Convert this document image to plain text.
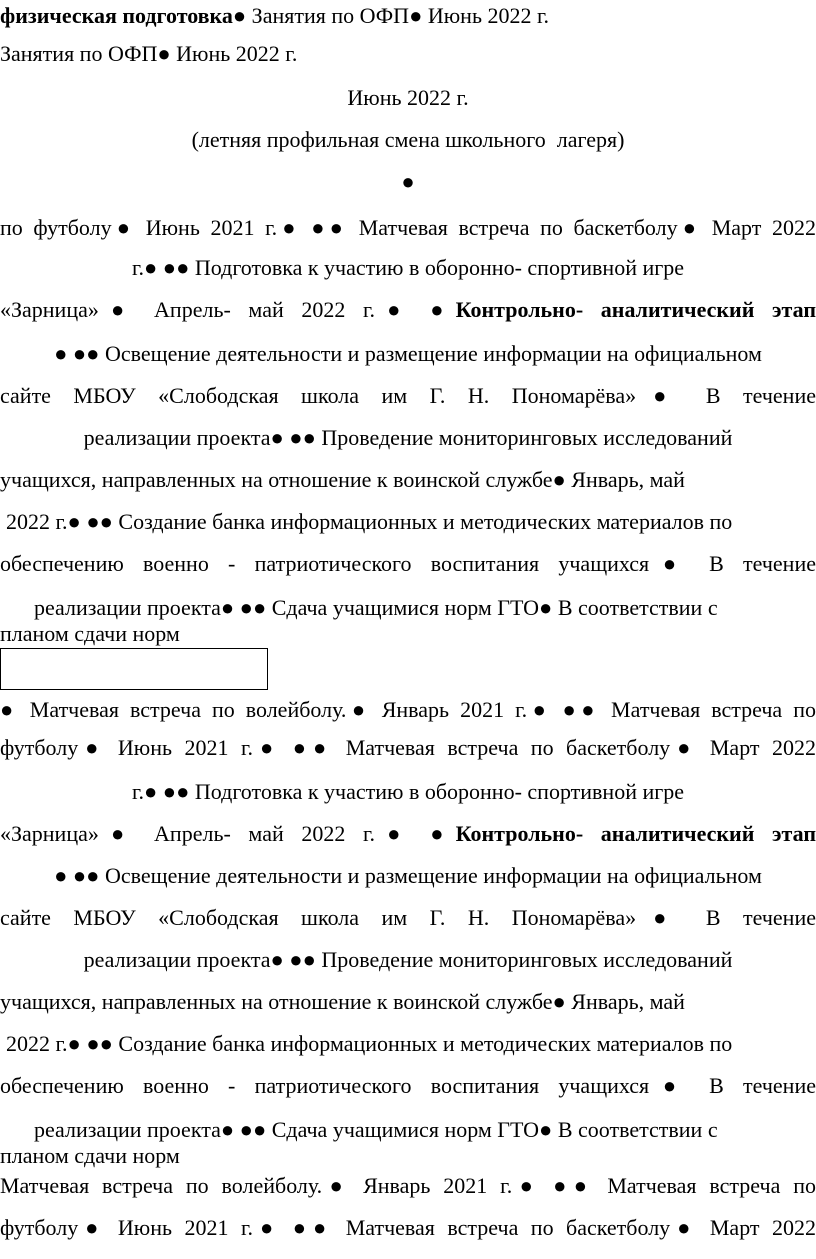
физическая подготовка● Занятия по ОФП● Июнь 2022 г.
Занятия по ОФП● Июнь 2022 г.
Июнь 2022 г.
(летняя профильная смена школьного  лагеря)
●
по футболу● Июнь 2021 г.● ●● Матчевая встреча по баскетболу● Март 2022
г.● ●● Подготовка к участию в оборонно- спортивной игре
«Зарница»● Апрель- май 2022 г.● ●Контрольно- аналитический этап
● ●● Освещение деятельности и размещение информации на официальном
сайте МБОУ «Слободская школа им Г. Н. Пономарёва»● В течение
реализации проекта● ●● Проведение мониторинговых исследований
учащихся, направленных на отношение к воинской службе● Январь, май
2022 г.● ●● Создание банка информационных и методических материалов по
обеспечению военно - патриотического воспитания учащихся● В течение
реализации проекта● ●● Сдача учащимися норм ГТО● В соответствии с
планом сдачи норм
● Матчевая встреча по волейболу.● Январь 2021 г.● ●● Матчевая встреча по
футболу● Июнь 2021 г.● ●● Матчевая встреча по баскетболу● Март 2022
г.● ●● Подготовка к участию в оборонно- спортивной игре
«Зарница»● Апрель- май 2022 г.● ●Контрольно- аналитический этап
● ●● Освещение деятельности и размещение информации на официальном
сайте МБОУ «Слободская школа им Г. Н. Пономарёва»● В течение
реализации проекта● ●● Проведение мониторинговых исследований
учащихся, направленных на отношение к воинской службе● Январь, май
2022 г.● ●● Создание банка информационных и методических материалов по
обеспечению военно - патриотического воспитания учащихся● В течение
реализации проекта● ●● Сдача учащимися норм ГТО● В соответствии с
планом сдачи норм
Матчевая встреча по волейболу.● Январь 2021 г.● ●● Матчевая встреча по
футболу● Июнь 2021 г.● ●● Матчевая встреча по баскетболу● Март 2022
